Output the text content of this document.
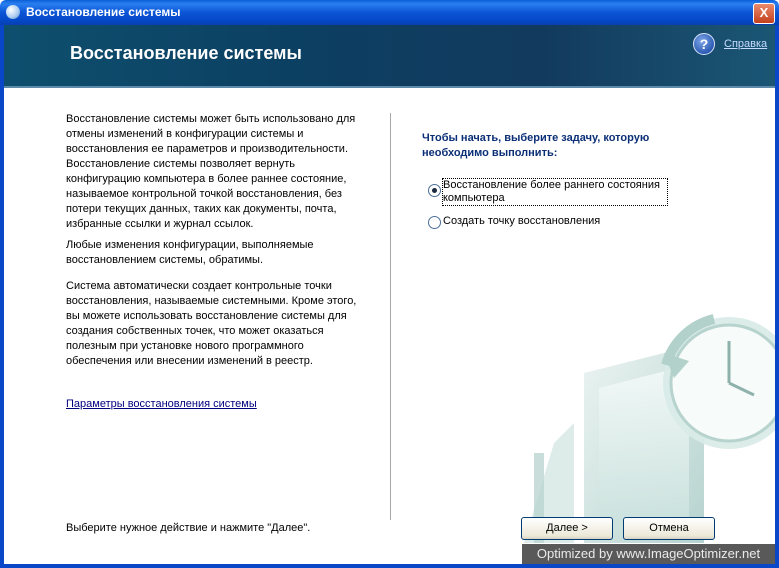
Восстановление системы	X
Восстановление системы	?	Справка
Восстановление системы может быть использовано для отмены изменений в конфигурации системы и восстановления ее параметров и производительности. Восстановление системы позволяет вернуть конфигурацию компьютера в более раннее состояние, называемое контрольной точкой восстановления, без потери текущих данных, таких как документы, почта, избранные ссылки и журнал ссылок.
Любые изменения конфигурации, выполняемые восстановлением системы, обратимы.
Система автоматически создает контрольные точки восстановления, называемые системными. Кроме этого, вы можете использовать восстановление системы для создания собственных точек, что может оказаться полезным при установке нового программного обеспечения или внесении изменений в реестр.
Параметры восстановления системы
Выберите нужное действие и нажмите "Далее".
Чтобы начать, выберите задачу, которую необходимо выполнить:
Восстановление более раннего состояния компьютера
Создать точку восстановления
Далее >	Отмена
Optimized by www.ImageOptimizer.net
